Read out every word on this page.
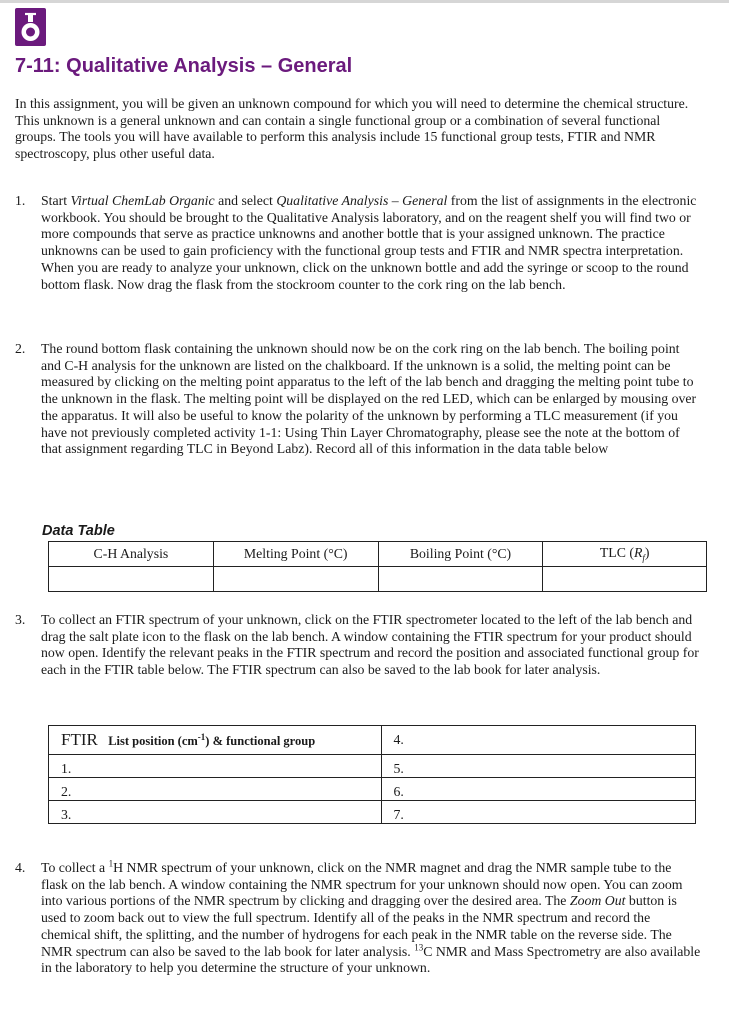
7-11: Qualitative Analysis – General

In this assignment, you will be given an unknown compound for which you will need to determine the chemical structure. This unknown is a general unknown and can contain a single functional group or a combination of several functional groups. The tools you will have available to perform this analysis include 15 functional group tests, FTIR and NMR spectroscopy, plus other useful data.

1. Start Virtual ChemLab Organic and select Qualitative Analysis – General from the list of assignments in the electronic workbook. You should be brought to the Qualitative Analysis laboratory, and on the reagent shelf you will find two or more compounds that serve as practice unknowns and another bottle that is your assigned unknown. The practice unknowns can be used to gain proficiency with the functional group tests and FTIR and NMR spectra interpretation. When you are ready to analyze your unknown, click on the unknown bottle and add the syringe or scoop to the round bottom flask. Now drag the flask from the stockroom counter to the cork ring on the lab bench.
2. The round bottom flask containing the unknown should now be on the cork ring on the lab bench. The boiling point and C-H analysis for the unknown are listed on the chalkboard. If the unknown is a solid, the melting point can be measured by clicking on the melting point apparatus to the left of the lab bench and dragging the melting point tube to the unknown in the flask. The melting point will be displayed on the red LED, which can be enlarged by mousing over the apparatus. It will also be useful to know the polarity of the unknown by performing a TLC measurement (if you have not previously completed activity 1-1: Using Thin Layer Chromatography, please see the note at the bottom of that assignment regarding TLC in Beyond Labz). Record all of this information in the data table below
Data Table
C-H Analysis	Melting Point (°C)	Boiling Point (°C)	TLC $(R_f)$

3. To collect an FTIR spectrum of your unknown, click on the FTIR spectrometer located to the left of the lab bench and drag the salt plate icon to the flask on the lab bench. A window containing the FTIR spectrum for your product should now open. Identify the relevant peaks in the FTIR spectrum and record the position and associated functional group for each in the FTIR table below. The FTIR spectrum can also be saved to the lab book for later analysis.
FTIR List position $(cm^{-1})$ & functional group	4.
1.	5.
2.	6.
3.	7.
4. To collect a $^1$H NMR spectrum of your unknown, click on the NMR magnet and drag the NMR sample tube to the flask on the lab bench. A window containing the NMR spectrum for your unknown should now open. You can zoom into various portions of the NMR spectrum by clicking and dragging over the desired area. The Zoom Out button is used to zoom back out to view the full spectrum. Identify all of the peaks in the NMR spectrum and record the chemical shift, the splitting, and the number of hydrogens for each peak in the NMR table on the reverse side. The NMR spectrum can also be saved to the lab book for later analysis. $^{13}$C NMR and Mass Spectrometry are also available in the laboratory to help you determine the structure of your unknown.
